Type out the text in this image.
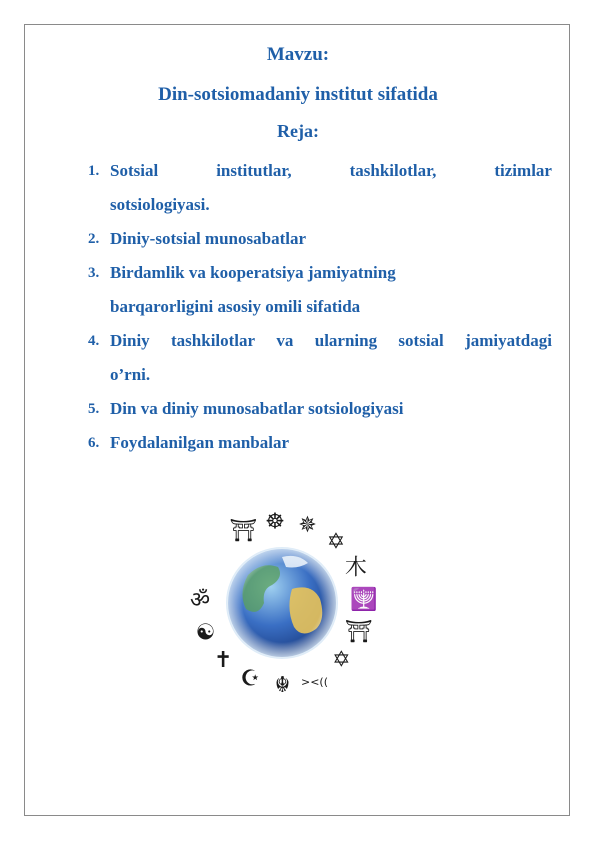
Mavzu:
Din-sotsiomadaniy institut sifatida
Reja:
1. Sotsial	institutlar,	tashkilotlar,	tizimlar
sotsiologiyasi.
2. Diniy-sotsial munosabatlar
3. Birdamlik va kooperatsiya jamiyatning
barqarorligini asosiy omili sifatida
4. Diniy tashkilotlar va ularning sotsial jamiyatdagi
o’rni.
5. Din va diniy munosabatlar sotsiologiyasi
6. Foydalanilgan manbalar
⛩ ☸ ✵
✡
木
🕎
⛩
✡
><((
☬
☪
✝
☯
ॐ
